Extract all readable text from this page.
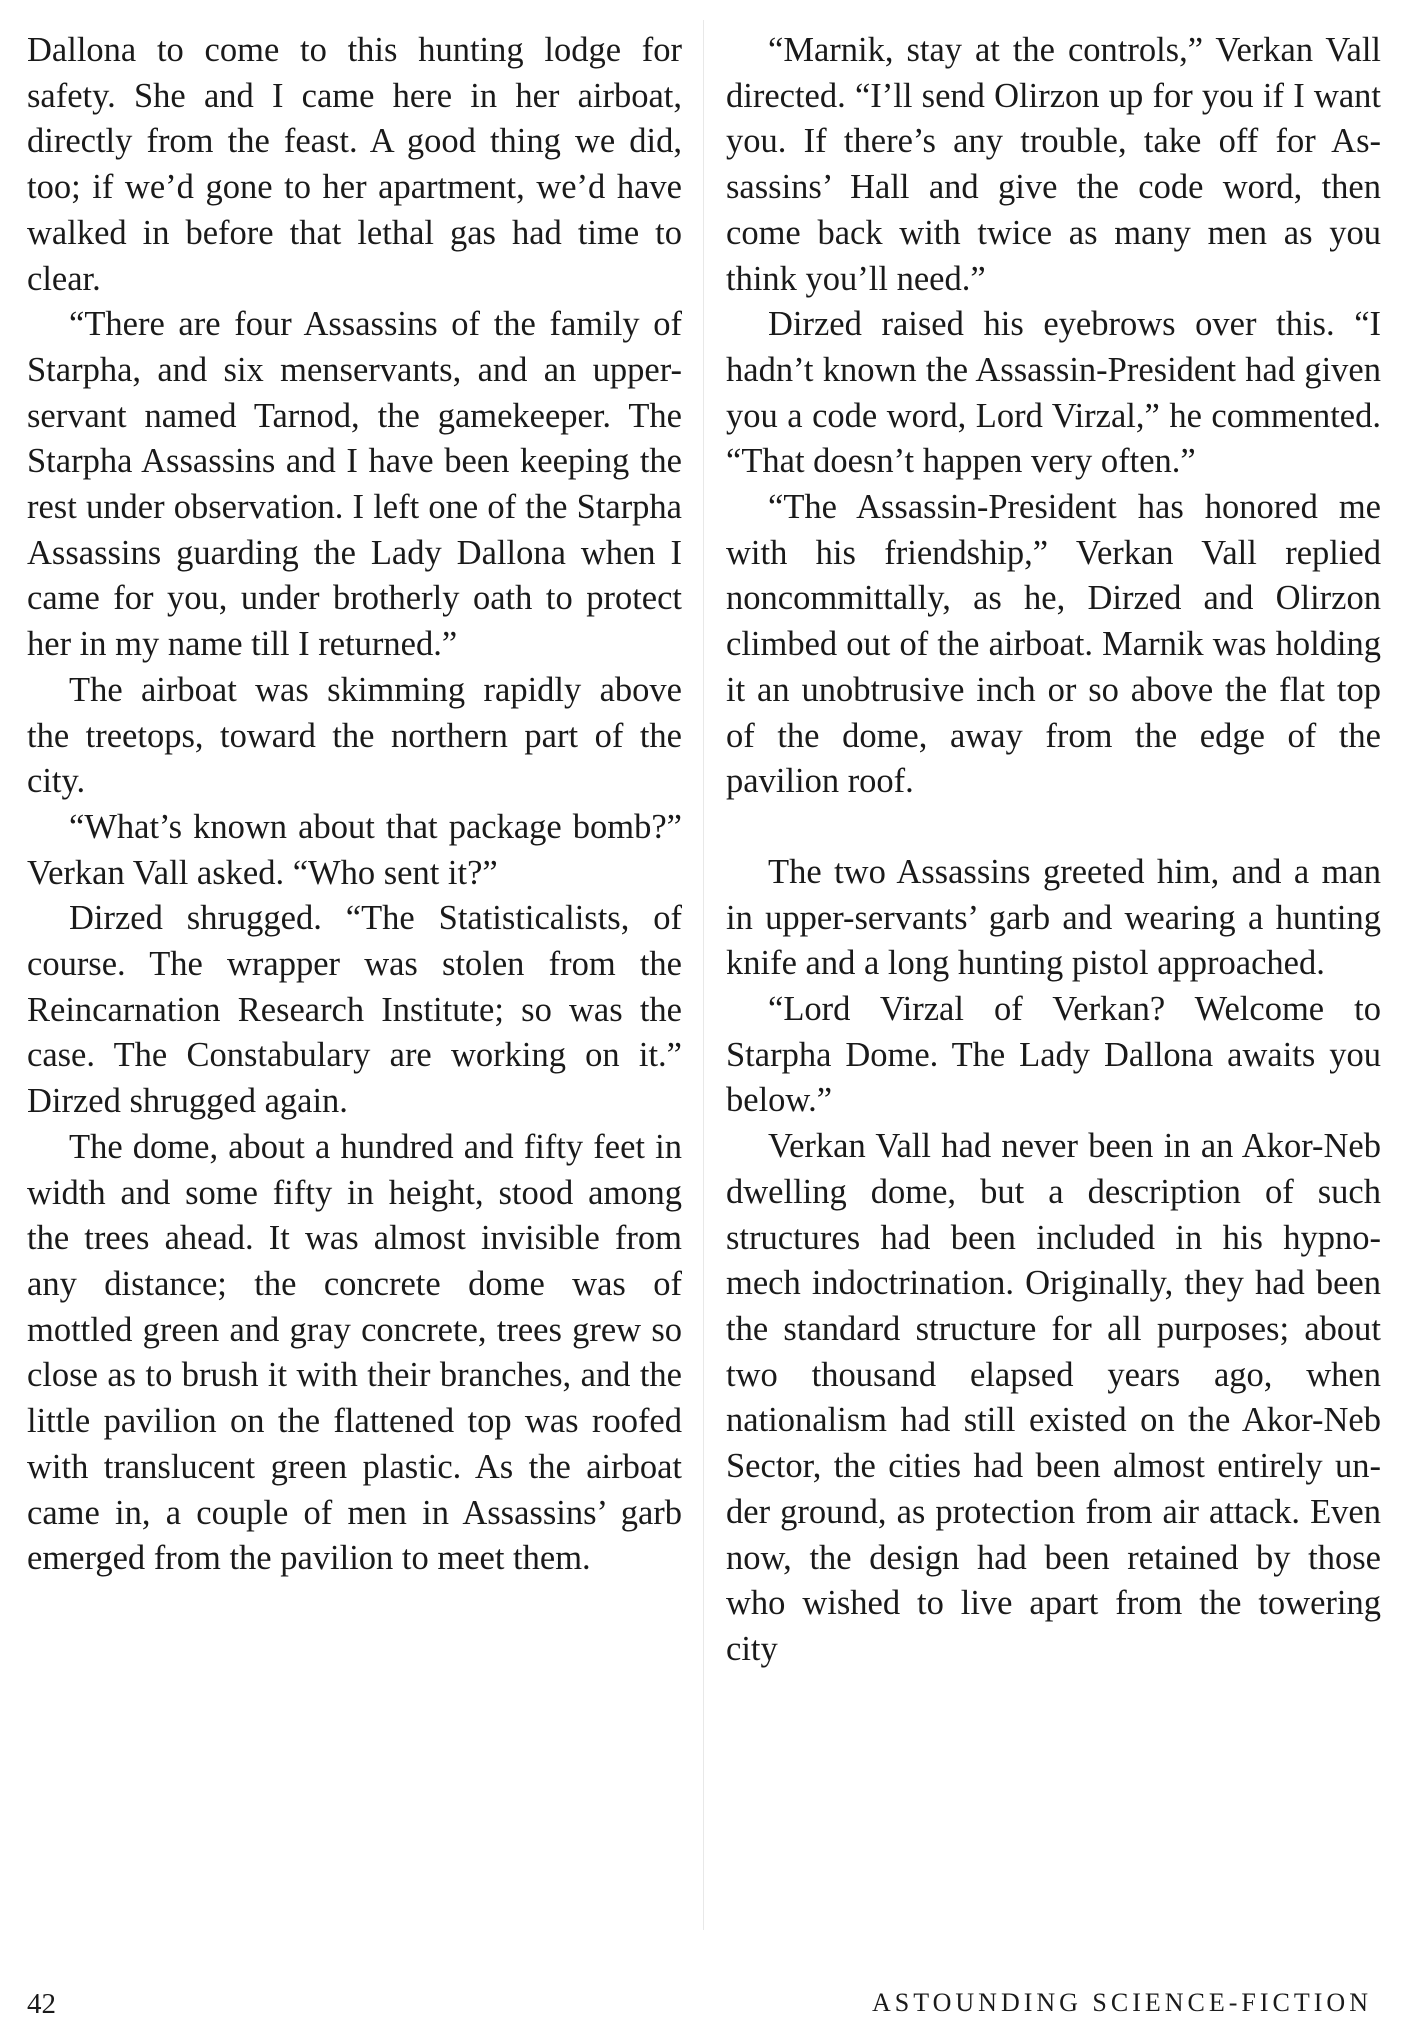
Dallona to come to this hunting lodge for safety. She and I came here in her airboat, directly from the feast. A good thing we did, too; if we’d gone to her apartment, we’d have walked in before that lethal gas had time to clear.

“There are four Assassins of the family of Starpha, and six menservants, and an upper-servant named Tarnod, the gamekeeper. The Starpha Assassins and I have been keeping the rest under observation. I left one of the Starpha Assassins guarding the Lady Dallona when I came for you, under brotherly oath to protect her in my name till I returned.”

The airboat was skimming rapidly above the treetops, toward the northern part of the city.

“What’s known about that package bomb?” Verkan Vall asked. “Who sent it?”

Dirzed shrugged. “The Statisticalists, of course. The wrapper was stolen from the Reincarnation Research Institute; so was the case. The Constabulary are working on it.” Dirzed shrugged again.

The dome, about a hundred and fifty feet in width and some fifty in height, stood among the trees ahead. It was almost invisible from any distance; the concrete dome was of mottled green and gray concrete, trees grew so close as to brush it with their branches, and the little pavilion on the flattened top was roofed with translucent green plastic. As the airboat came in, a couple of men in Assassins’ garb emerged from the pavilion to meet them.

“Marnik, stay at the controls,” Verkan Vall directed. “I’ll send Olirzon up for you if I want you. If there’s any trouble, take off for Assassins’ Hall and give the code word, then come back with twice as many men as you think you’ll need.”

Dirzed raised his eyebrows over this. “I hadn’t known the Assassin-President had given you a code word, Lord Virzal,” he commented. “That doesn’t happen very often.”

“The Assassin-President has honored me with his friendship,” Verkan Vall replied noncommittally, as he, Dirzed and Olirzon climbed out of the airboat. Marnik was holding it an unobtrusive inch or so above the flat top of the dome, away from the edge of the pavilion roof.

The two Assassins greeted him, and a man in upper-servants’ garb and wearing a hunting knife and a long hunting pistol approached.

“Lord Virzal of Verkan? Welcome to Starpha Dome. The Lady Dallona awaits you below.”

Verkan Vall had never been in an Akor-Neb dwelling dome, but a description of such structures had been included in his hypno-mech indoctrination. Originally, they had been the standard structure for all purposes; about two thousand elapsed years ago, when nationalism had still existed on the Akor-Neb Sector, the cities had been almost entirely under ground, as protection from air attack. Even now, the design had been retained by those who wished to live apart from the towering city

42	ASTOUNDING SCIENCE-FICTION
